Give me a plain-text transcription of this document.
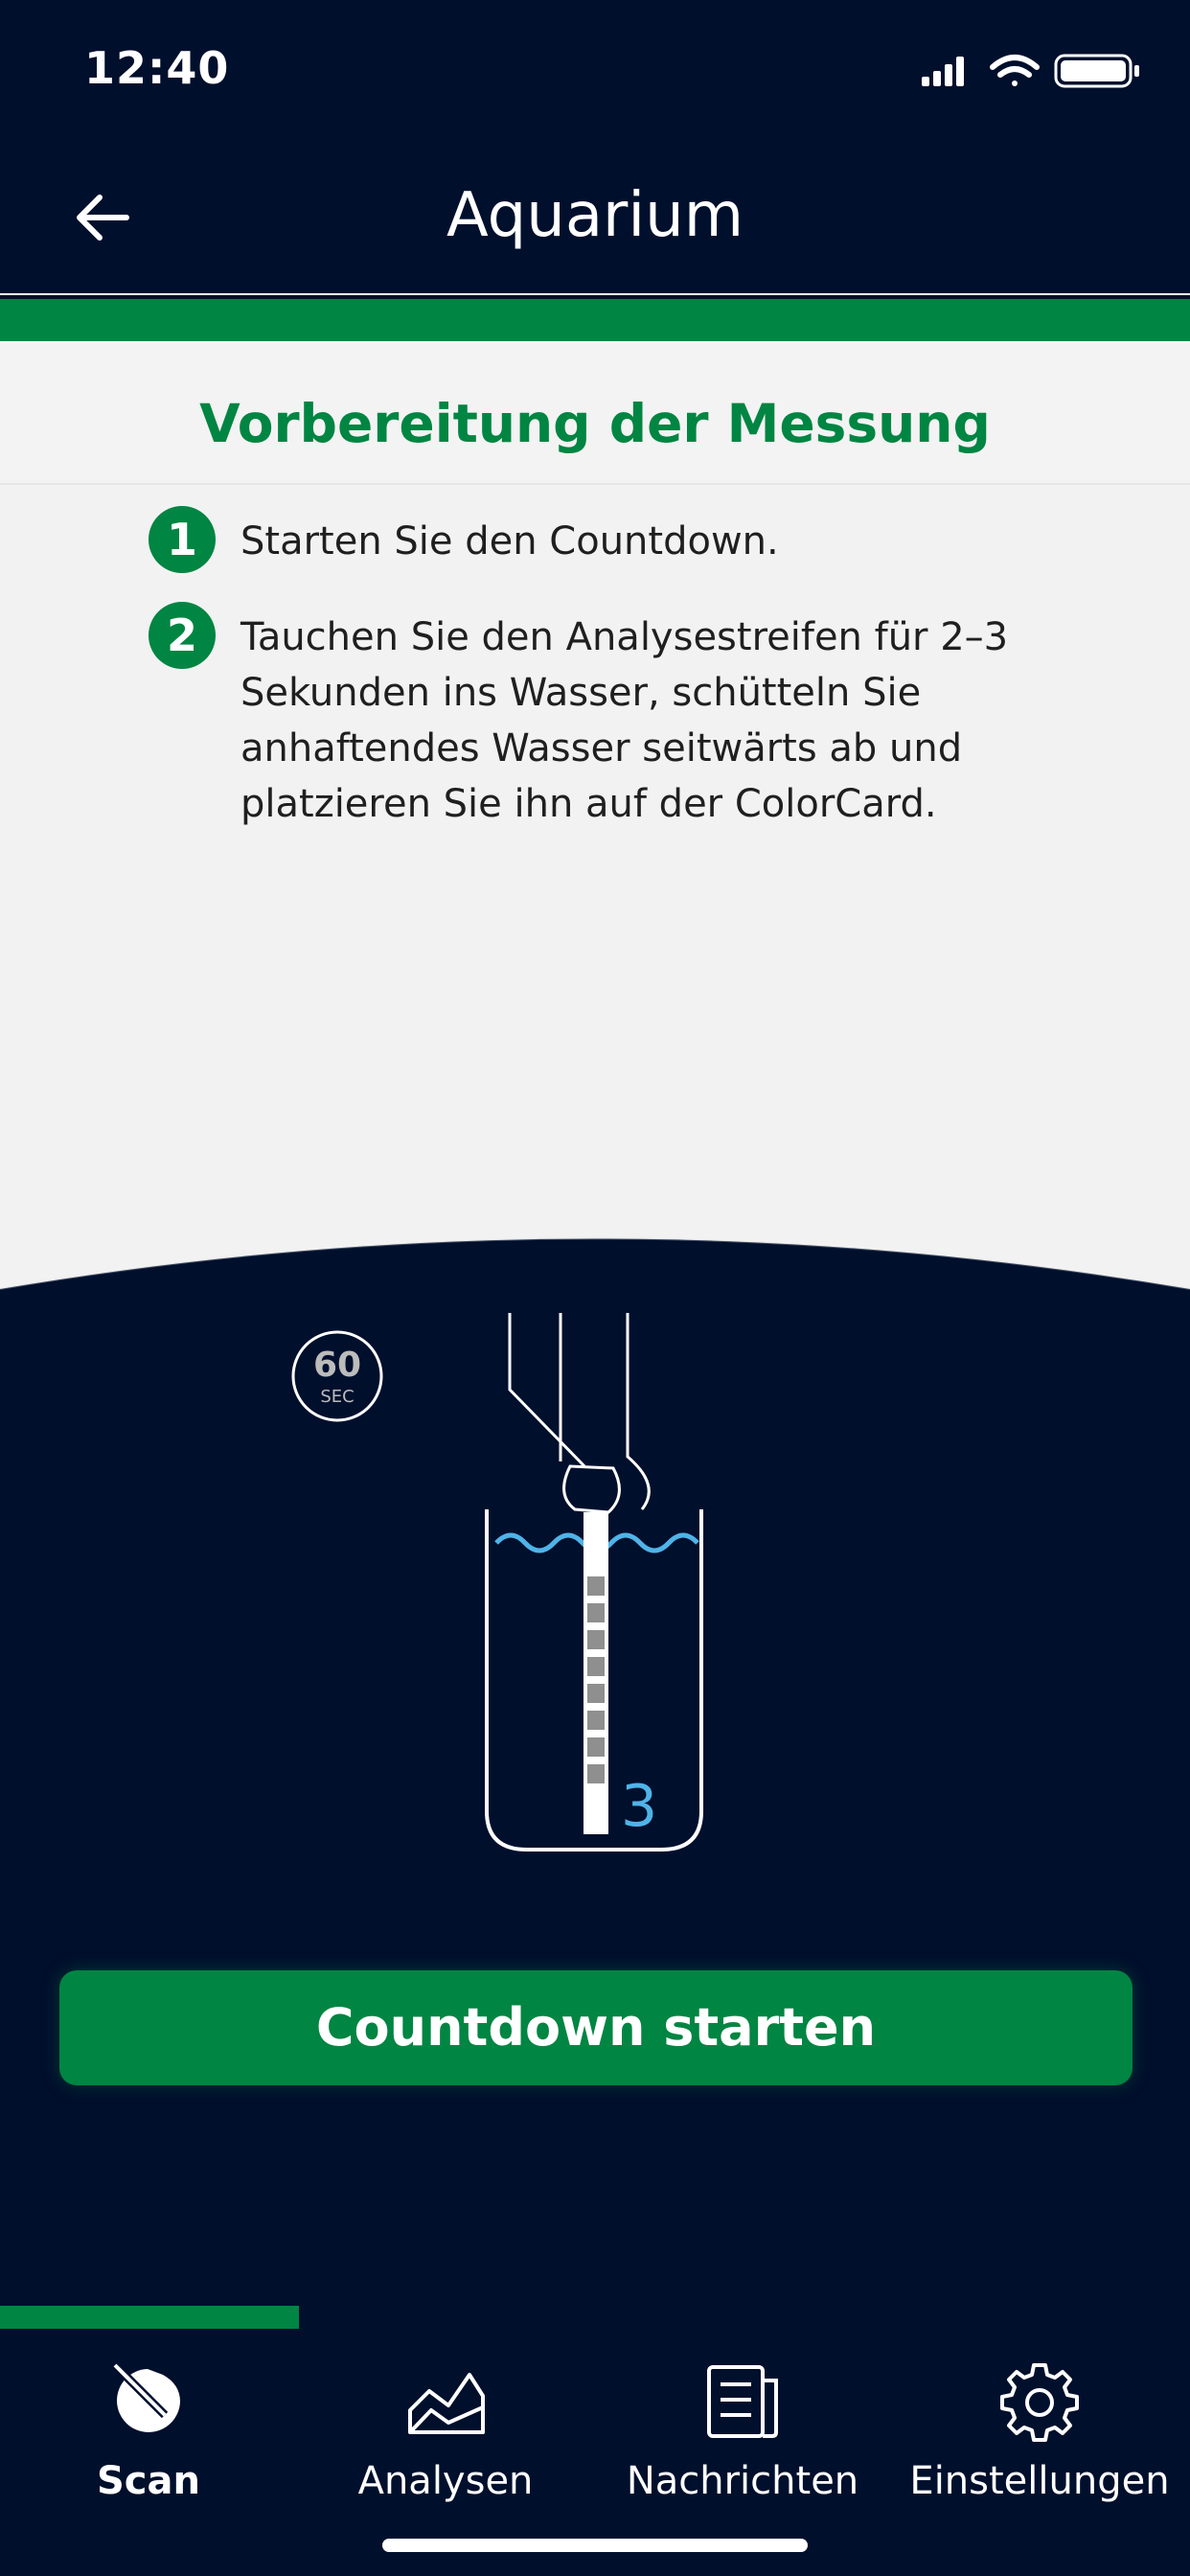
12:40
Aquarium
Vorbereitung der Messung
1	Starten Sie den Countdown.
2	Tauchen Sie den Analysestreifen für 2–3 Sekunden ins Wasser, schütteln Sie anhaftendes Wasser seitwärts ab und platzieren Sie ihn auf der ColorCard.
60
SEC
3
Countdown starten
Scan	Analysen	Nachrichten	Einstellungen
